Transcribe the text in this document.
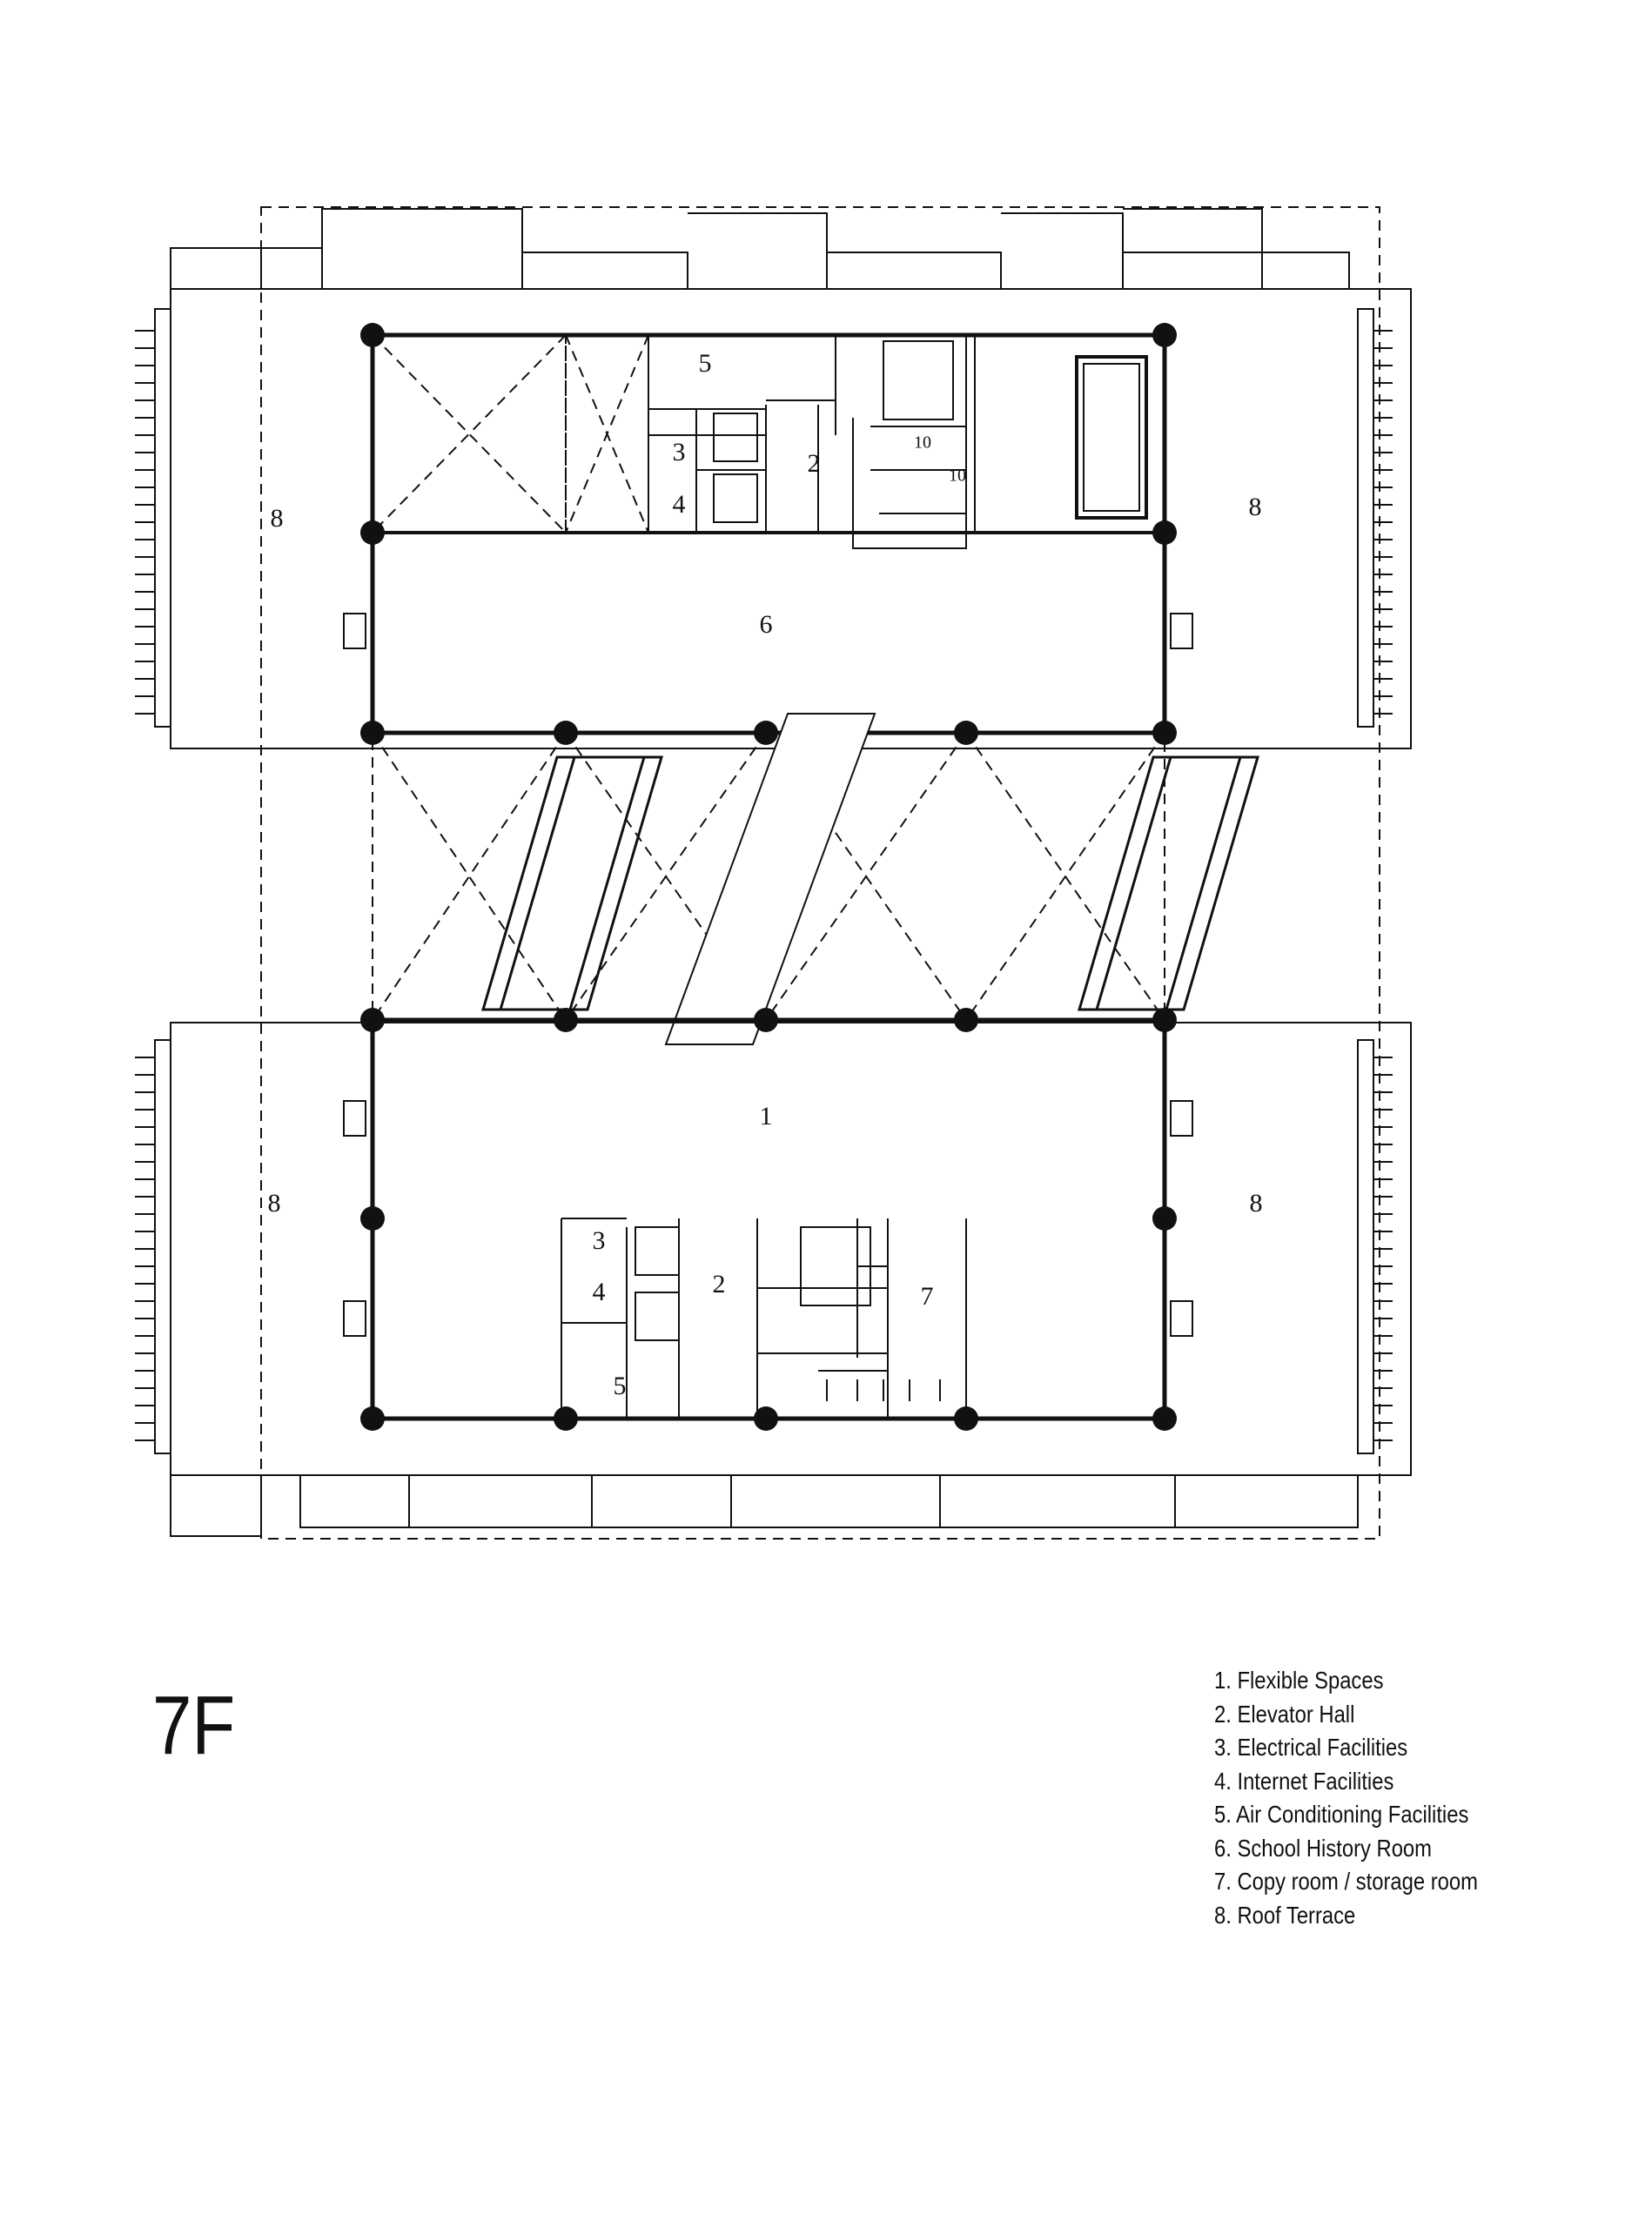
2
5
3
4
10
10
6
8	8
1
8	8
3
4	2	7
5
7F	1. Flexible Spaces
2. Elevator Hall
3. Electrical Facilities
4. Internet Facilities
5. Air Conditioning Facilities
6. School History Room
7. Copy room / storage room
8. Roof Terrace
